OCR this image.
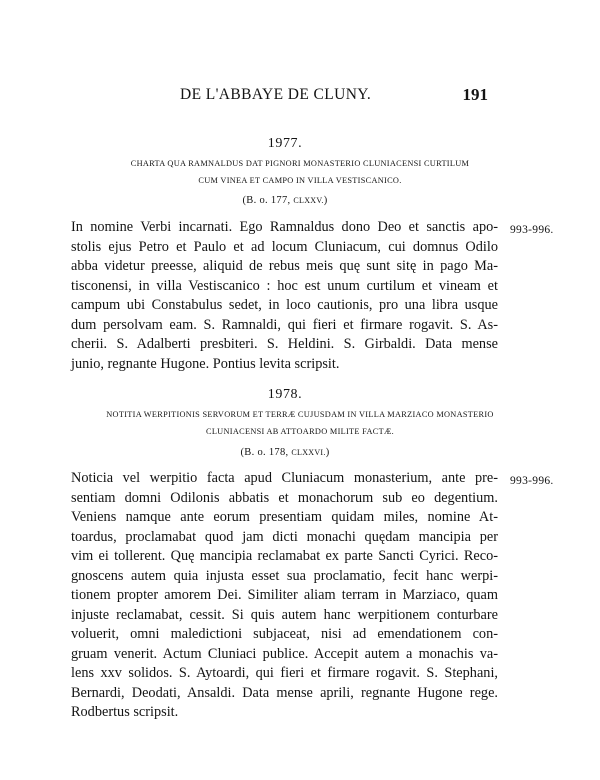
DE L'ABBAYE DE CLUNY.	191
1977.
CHARTA QUA RAMNALDUS DAT PIGNORI MONASTERIO CLUNIACENSI CURTILUM
CUM VINEA ET CAMPO IN VILLA VESTISCANICO.
(B. o. 177, CLXXV.)
993-996.
In nomine Verbi incarnati. Ego Ramnaldus dono Deo et sanctis apo-
stolis ejus Petro et Paulo et ad locum Cluniacum, cui domnus Odilo
abba videtur preesse, aliquid de rebus meis quę sunt sitę in pago Ma-
tisconensi, in villa Vestiscanico : hoc est unum curtilum et vineam et
campum ubi Constabulus sedet, in loco cautionis, pro una libra usque
dum persolvam eam. S. Ramnaldi, qui fieri et firmare rogavit. S. As-
cherii. S. Adalberti presbiteri. S. Heldini. S. Girbaldi. Data mense
junio, regnante Hugone. Pontius levita scripsit.
1978.
NOTITIA WERPITIONIS SERVORUM ET TERRÆ CUJUSDAM IN VILLA MARZIACO MONASTERIO
CLUNIACENSI AB ATTOARDO MILITE FACTÆ.
(B. o. 178, CLXXVI.)
993-996.
Noticia vel werpitio facta apud Cluniacum monasterium, ante pre-
sentiam domni Odilonis abbatis et monachorum sub eo degentium.
Veniens namque ante eorum presentiam quidam miles, nomine At-
toardus, proclamabat quod jam dicti monachi quędam mancipia per
vim ei tollerent. Quę mancipia reclamabat ex parte Sancti Cyrici. Reco-
gnoscens autem quia injusta esset sua proclamatio, fecit hanc werpi-
tionem propter amorem Dei. Similiter aliam terram in Marziaco, quam
injuste reclamabat, cessit. Si quis autem hanc werpitionem conturbare
voluerit, omni maledictioni subjaceat, nisi ad emendationem con-
gruam venerit. Actum Cluniaci publice. Accepit autem a monachis va-
lens xxv solidos. S. Aytoardi, qui fieri et firmare rogavit. S. Stephani,
Bernardi, Deodati, Ansaldi. Data mense aprili, regnante Hugone rege.
Rodbertus scripsit.
